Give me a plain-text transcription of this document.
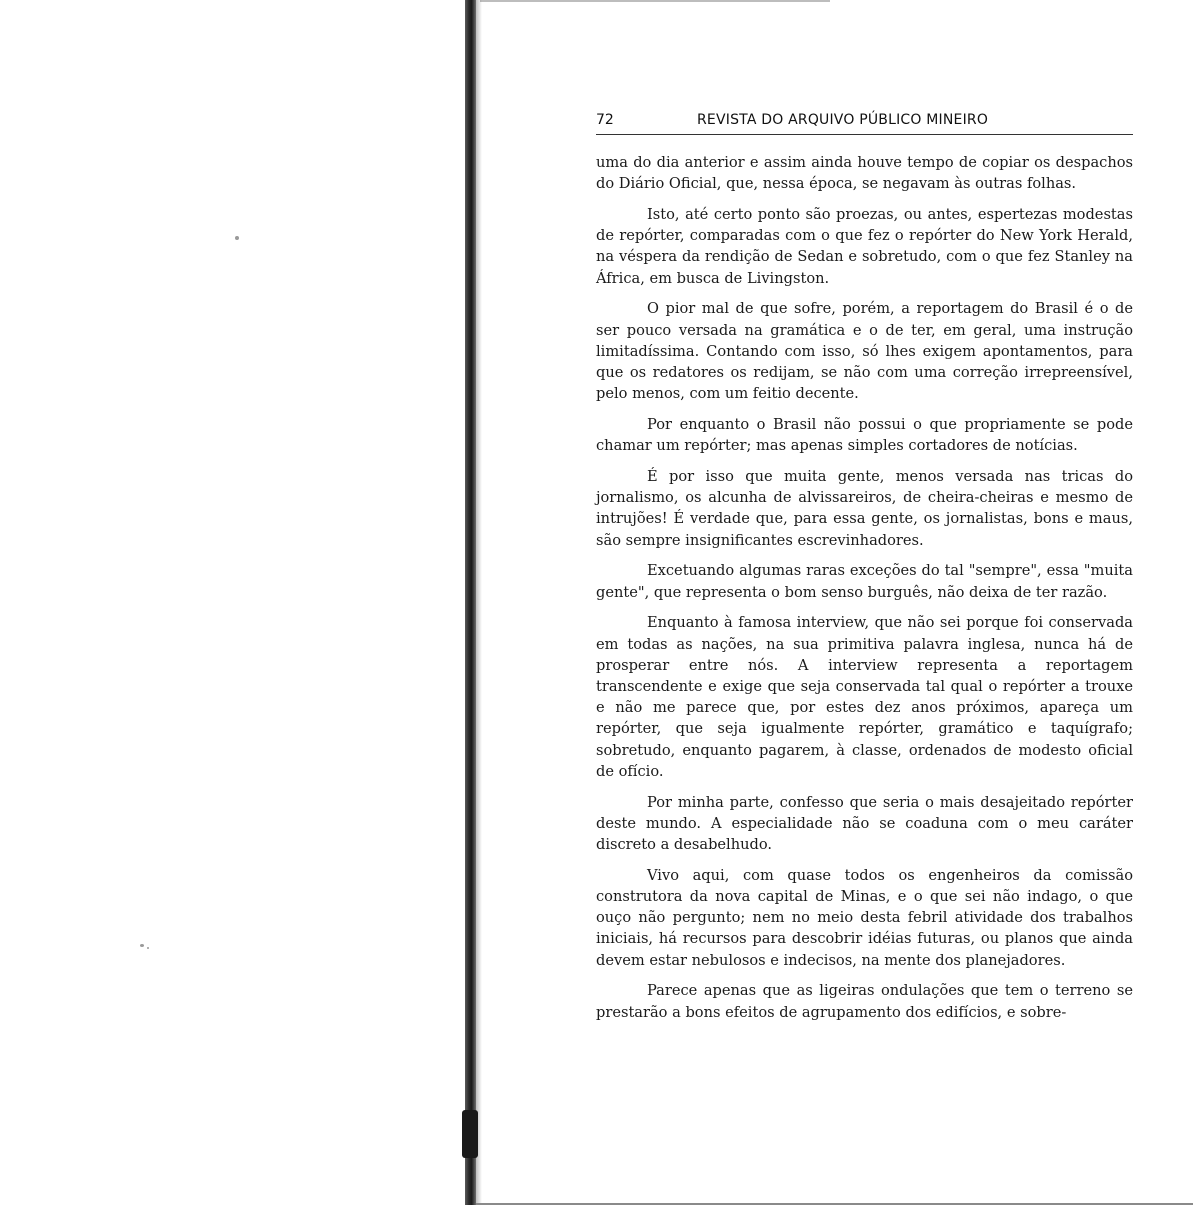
72	REVISTA DO ARQUIVO PÚBLICO MINEIRO

uma do dia anterior e assim ainda houve tempo de copiar os despachos do Diário Oficial, que, nessa época, se negavam às outras folhas.

Isto, até certo ponto são proezas, ou antes, espertezas modestas de repórter, comparadas com o que fez o repórter do New York Herald, na véspera da rendição de Sedan e sobretudo, com o que fez Stanley na África, em busca de Livingston.

O pior mal de que sofre, porém, a reportagem do Brasil é o de ser pouco versada na gramática e o de ter, em geral, uma instrução limitadíssima. Contando com isso, só lhes exigem apontamentos, para que os redatores os redijam, se não com uma correção irrepreensível, pelo menos, com um feitio decente.

Por enquanto o Brasil não possui o que propriamente se pode chamar um repórter; mas apenas simples cortadores de notícias.

É por isso que muita gente, menos versada nas tricas do jornalismo, os alcunha de alvissareiros, de cheira-cheiras e mesmo de intrujões! É verdade que, para essa gente, os jornalistas, bons e maus, são sempre insignificantes escrevinhadores.

Excetuando algumas raras exceções do tal "sempre", essa "muita gente", que representa o bom senso burguês, não deixa de ter razão.

Enquanto à famosa interview, que não sei porque foi conservada em todas as nações, na sua primitiva palavra inglesa, nunca há de prosperar entre nós. A interview representa a reportagem transcendente e exige que seja conservada tal qual o repórter a trouxe e não me parece que, por estes dez anos próximos, apareça um repórter, que seja igualmente repórter, gramático e taquígrafo; sobretudo, enquanto pagarem, à classe, ordenados de modesto oficial de ofício.

Por minha parte, confesso que seria o mais desajeitado repórter deste mundo. A especialidade não se coaduna com o meu caráter discreto a desabelhudo.

Vivo aqui, com quase todos os engenheiros da comissão construtora da nova capital de Minas, e o que sei não indago, o que ouço não pergunto; nem no meio desta febril atividade dos trabalhos iniciais, há recursos para descobrir idéias futuras, ou planos que ainda devem estar nebulosos e indecisos, na mente dos planejadores.

Parece apenas que as ligeiras ondulações que tem o terreno se prestarão a bons efeitos de agrupamento dos edifícios, e sobre-
